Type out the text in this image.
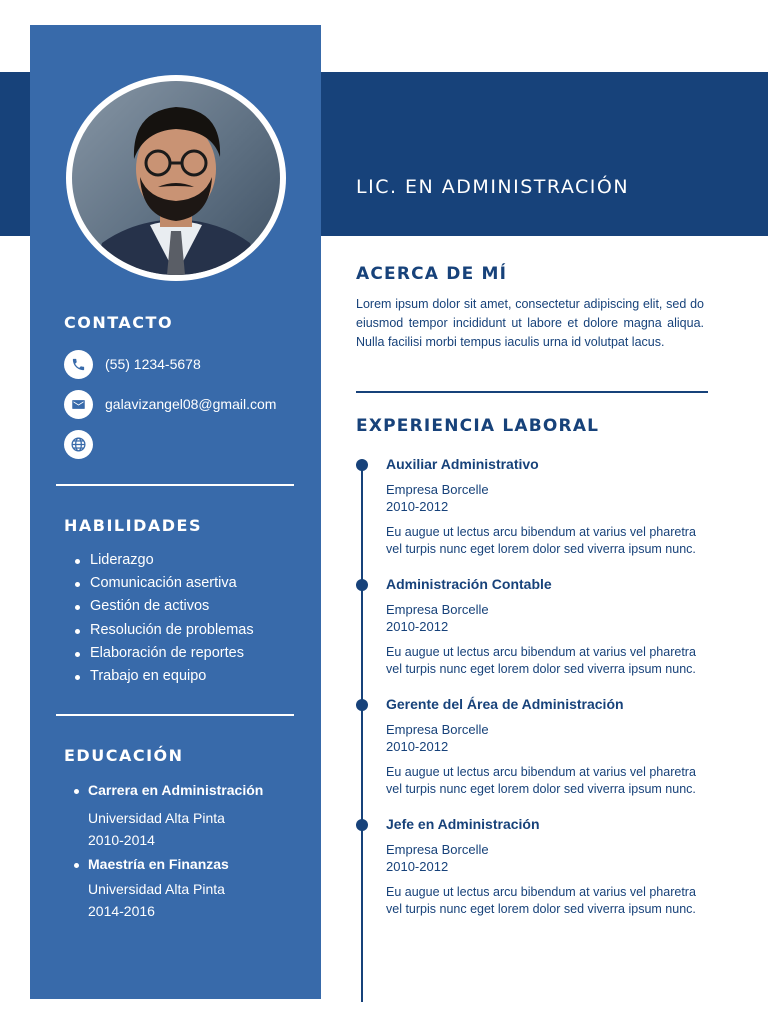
LIC. EN ADMINISTRACIÓN
CONTACTO
(55) 1234-5678
galavizangel08@gmail.com
HABILIDADES
Liderazgo
Comunicación asertiva
Gestión de activos
Resolución de problemas
Elaboración de reportes
Trabajo en equipo
EDUCACIÓN
Carrera en Administración
Universidad Alta Pinta
2010-2014
Maestría en Finanzas
Universidad Alta Pinta
2014-2016
ACERCA DE MÍ
Lorem ipsum dolor sit amet, consectetur adipiscing elit, sed do eiusmod tempor incididunt ut labore et dolore magna aliqua. Nulla facilisi morbi tempus iaculis urna id volutpat lacus.
EXPERIENCIA LABORAL
Auxiliar Administrativo
Empresa Borcelle
2010-2012
Eu augue ut lectus arcu bibendum at varius vel pharetra
vel turpis nunc eget lorem dolor sed viverra ipsum nunc.
Administración Contable
Empresa Borcelle
2010-2012
Eu augue ut lectus arcu bibendum at varius vel pharetra
vel turpis nunc eget lorem dolor sed viverra ipsum nunc.
Gerente del Área de Administración
Empresa Borcelle
2010-2012
Eu augue ut lectus arcu bibendum at varius vel pharetra
vel turpis nunc eget lorem dolor sed viverra ipsum nunc.
Jefe en Administración
Empresa Borcelle
2010-2012
Eu augue ut lectus arcu bibendum at varius vel pharetra
vel turpis nunc eget lorem dolor sed viverra ipsum nunc.
